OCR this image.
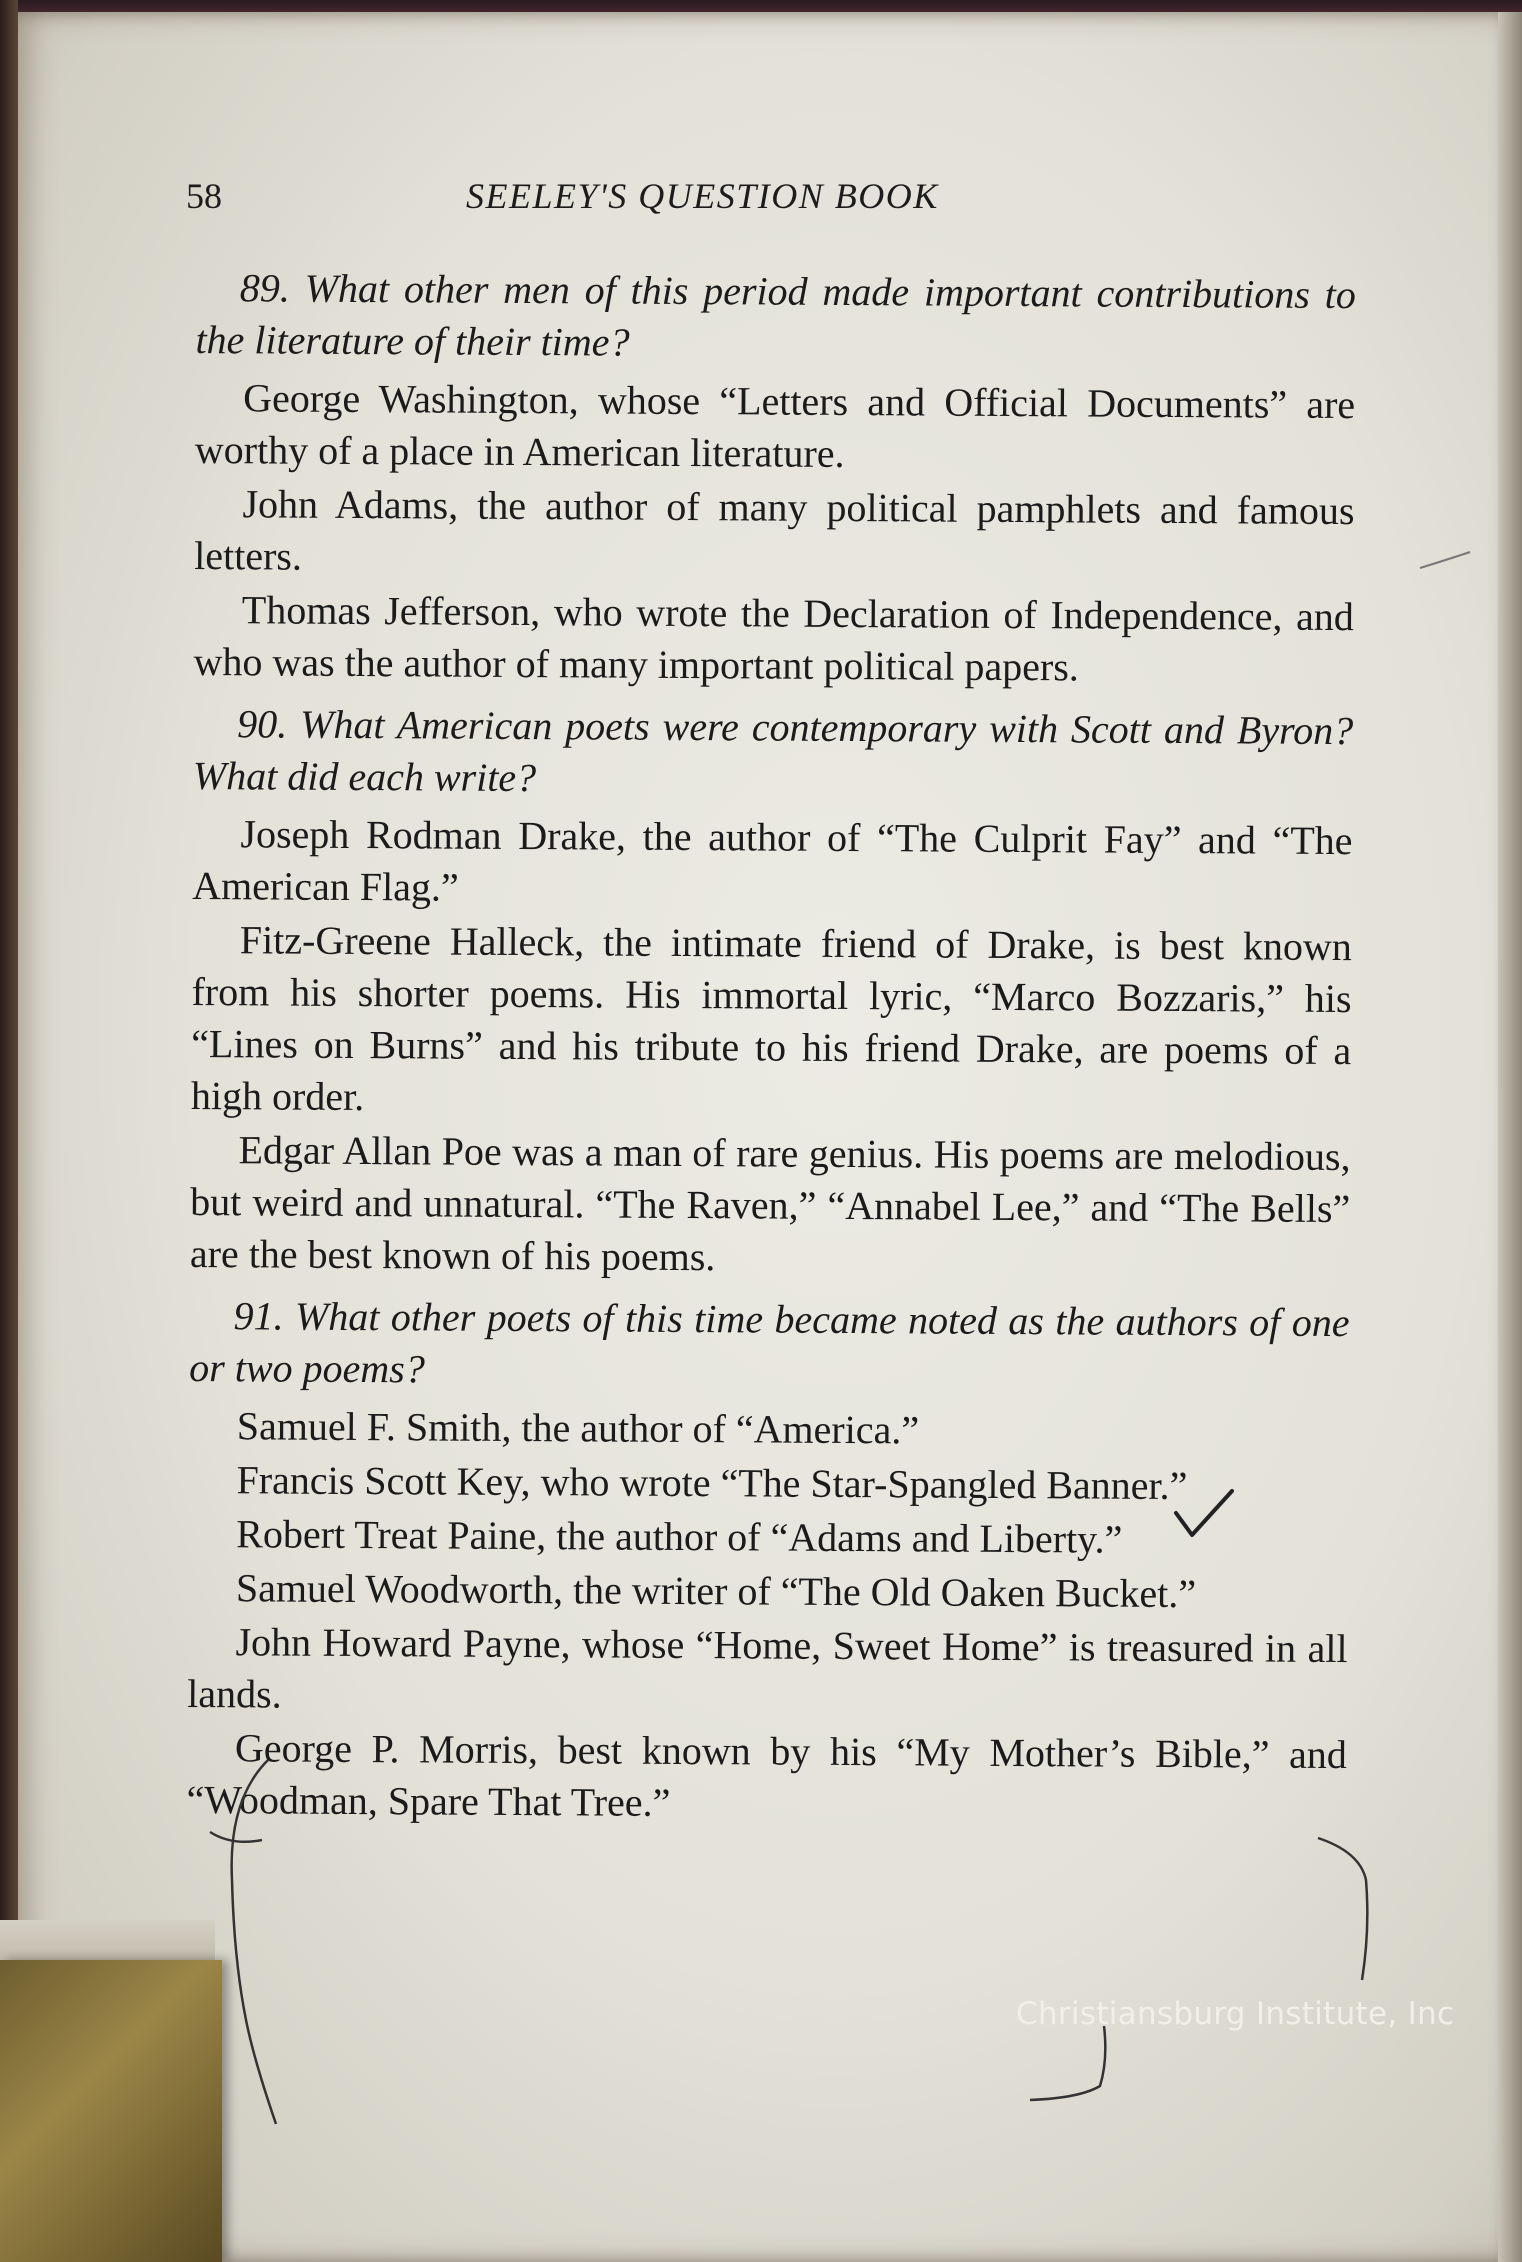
58	SEELEY'S QUESTION BOOK

89. What other men of this period made important contributions to the literature of their time?

George Washington, whose “Letters and Official Documents” are worthy of a place in American literature.

John Adams, the author of many political pamphlets and famous letters.

Thomas Jefferson, who wrote the Declaration of Independence, and who was the author of many important political papers.

90. What American poets were contemporary with Scott and Byron? What did each write?

Joseph Rodman Drake, the author of “The Culprit Fay” and “The American Flag.”

Fitz-Greene Halleck, the intimate friend of Drake, is best known from his shorter poems. His immortal lyric, “Marco Bozzaris,” his “Lines on Burns” and his tribute to his friend Drake, are poems of a high order.

Edgar Allan Poe was a man of rare genius. His poems are melodious, but weird and unnatural. “The Raven,” “Annabel Lee,” and “The Bells” are the best known of his poems.

91. What other poets of this time became noted as the authors of one or two poems?

Samuel F. Smith, the author of “America.”

Francis Scott Key, who wrote “The Star-Spangled Banner.”

Robert Treat Paine, the author of “Adams and Liberty.”

Samuel Woodworth, the writer of “The Old Oaken Bucket.”

John Howard Payne, whose “Home, Sweet Home” is treasured in all lands.

George P. Morris, best known by his “My Mother’s Bible,” and “Woodman, Spare That Tree.”

Christiansburg Institute, Inc
